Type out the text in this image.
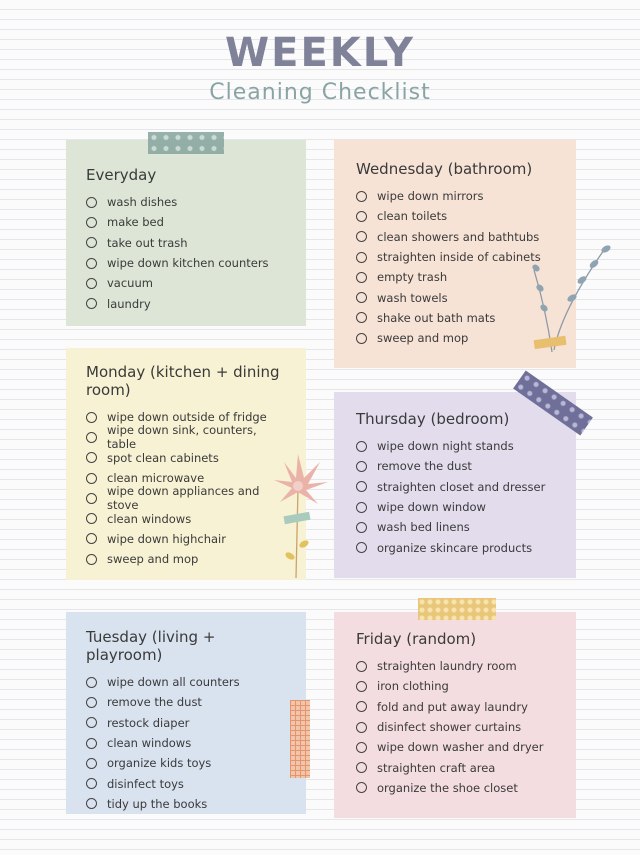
WEEKLY
Cleaning Checklist
Everyday
wash dishes
make bed
take out trash
wipe down kitchen counters
vacuum
laundry
Monday (kitchen + dining room)
wipe down outside of fridge
wipe down sink, counters, table
spot clean cabinets
clean microwave
wipe down appliances and stove
clean windows
wipe down highchair
sweep and mop
Tuesday (living + playroom)
wipe down all counters
remove the dust
restock diaper
clean windows
organize kids toys
disinfect toys
tidy up the books
Wednesday (bathroom)
wipe down mirrors
clean toilets
clean showers and bathtubs
straighten inside of cabinets
empty trash
wash towels
shake out bath mats
sweep and mop
Thursday (bedroom)
wipe down night stands
remove the dust
straighten closet and dresser
wipe down window
wash bed linens
organize skincare products
Friday (random)
straighten laundry room
iron clothing
fold and put away laundry
disinfect shower curtains
wipe down washer and dryer
straighten craft area
organize the shoe closet
